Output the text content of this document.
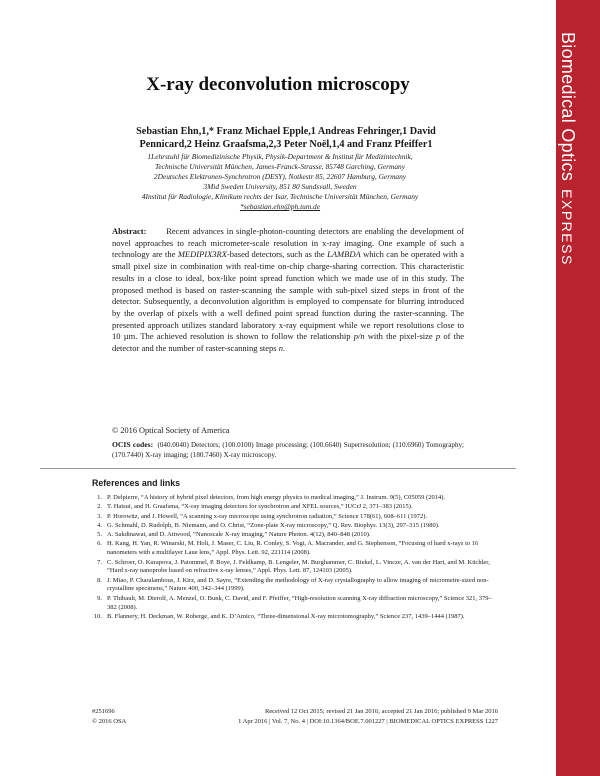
Biomedical OpticsEXPRESS
X-ray deconvolution microscopy
Sebastian Ehn,1,* Franz Michael Epple,1 Andreas Fehringer,1 David
Pennicard,2 Heinz Graafsma,2,3 Peter Noël,1,4 and Franz Pfeiffer1
1Lehrstuhl für Biomedizinische Physik, Physik-Department & Institut für Medizintechnik,
Technische Universität München, James-Franck-Strasse, 85748 Garching, Germany
2Deutsches Elektronen-Synchrotron (DESY), Notkestr 85, 22607 Hamburg, Germany
3Mid Sweden University, 851 80 Sundsvall, Sweden
4Institut für Radiologie, Klinikum rechts der Isar, Technische Universität München, Germany
*sebastian.ehn@ph.tum.de
Abstract: Recent advances in single-photon-counting detectors are enabling the development of novel approaches to reach micrometer-scale resolution in x-ray imaging. One example of such a technology are the MEDIPIX3RX-based detectors, such as the LAMBDA which can be operated with a small pixel size in combination with real-time on-chip charge-sharing correction. This characteristic results in a close to ideal, box-like point spread function which we made use of in this study. The proposed method is based on raster-scanning the sample with sub-pixel sized steps in front of the detector. Subsequently, a deconvolution algorithm is employed to compensate for blurring introduced by the overlap of pixels with a well defined point spread function during the raster-scanning. The presented approach utilizes standard laboratory x-ray equipment while we report resolutions close to 10 µm. The achieved resolution is shown to follow the relationship p/n with the pixel-size p of the detector and the number of raster-scanning steps n.
© 2016 Optical Society of America
OCIS codes: (040.0040) Detectors; (100.0100) Image processing; (100.6640) Superresolution; (110.6960) Tomography; (170.7440) X-ray imaging; (180.7460) X-ray microscopy.
References and links
1. P. Delpierre, “A history of hybrid pixel detectors, from high energy physics to medical imaging,” J. Instrum. 9(5), C05059 (2014).
2. T. Hatsui, and H. Graafsma, “X-ray imaging detectors for synchrotron and XFEL sources,” IUCrJ 2, 371–383 (2015).
3. P. Horowitz, and J. Howell, “A scanning x-ray microscope using synchrotron radiation,” Science 178(61), 608–611 (1972).
4. G. Schmahl, D. Rudolph, B. Niemann, and O. Christ, “Zone-plate X-ray microscopy,” Q. Rev. Biophys. 13(3), 297–315 (1980).
5. A. Sakdinawat, and D. Attwood, “Nanoscale X-ray imaging,” Nature Photon. 4(12), 840–848 (2010).
6. H. Kang, H. Yan, R. Winarski, M. Holt, J. Maser, C. Liu, R. Conley, S. Vogt, A. Macrander, and G. Stephenson, “Focusing of hard x-rays to 16 nanometers with a multilayer Laue lens,” Appl. Phys. Lett. 92, 221114 (2008).
7. C. Schroer, O. Kurapova, J. Patommel, P. Boye, J. Feldkamp, B. Lengeler, M. Burghammer, C. Riekel, L. Vincze, A. van der Hart, and M. Küchler, “Hard x-ray nanoprobe based on refractive x-ray lenses,” Appl. Phys. Lett. 87, 124103 (2005).
8. J. Miao, P. Charalambous, J. Kirz, and D. Sayre, “Extending the methodology of X-ray crystallography to allow imaging of micrometre-sized non-crystalline specimens,” Nature 400, 342–344 (1999).
9. P. Thibault, M. Dierolf, A. Menzel, O. Bunk, C. David, and F. Pfeiffer, “High-resolution scanning X-ray diffraction microscopy,” Science 321, 379–382 (2008).
10. B. Flannery, H. Deckman, W. Roberge, and K. D’Amico, “Three-dimensional X-ray microtomography,” Science 237, 1439–1444 (1987).
#251696	Received 12 Oct 2015; revised 21 Jan 2016; accepted 21 Jan 2016; published 9 Mar 2016
© 2016 OSA	1 Apr 2016 | Vol. 7, No. 4 | DOI:10.1364/BOE.7.001227 | BIOMEDICAL OPTICS EXPRESS 1227
